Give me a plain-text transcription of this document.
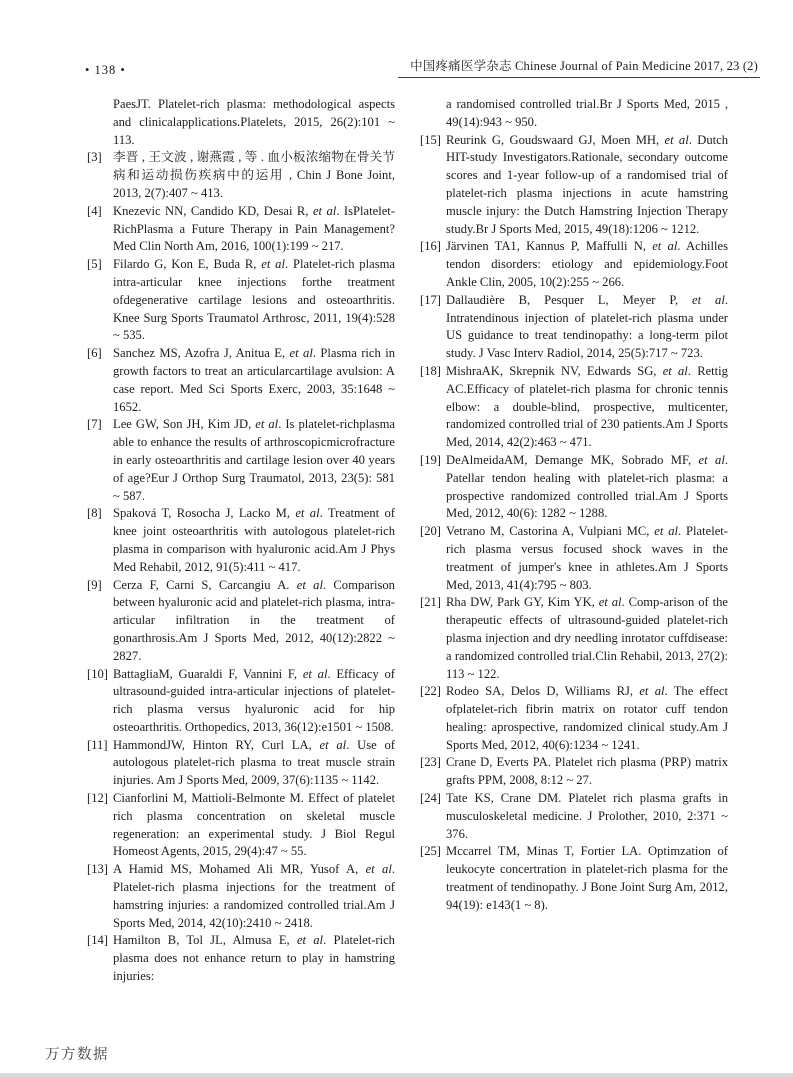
• 138 •	中国疼痛医学杂志 Chinese Journal of Pain Medicine 2017, 23 (2)
PaesJT. Platelet-rich plasma: methodological aspects and clinicalapplications.Platelets, 2015, 26(2):101 ~ 113.
[3] 李晋 , 王文波 , 谢燕霞 , 等 . 血小板浓缩物在骨关节病和运动损伤疾病中的运用 , Chin J Bone Joint, 2013, 2(7):407 ~ 413.
[4] Knezevic NN, Candido KD, Desai R, et al. IsPlatelet-RichPlasma a Future Therapy in Pain Management? Med Clin North Am, 2016, 100(1):199 ~ 217.
[5] Filardo G, Kon E, Buda R, et al. Platelet-rich plasma intra-articular knee injections forthe treatment ofdegenerative cartilage lesions and osteoarthritis. Knee Surg Sports Traumatol Arthrosc, 2011, 19(4):528 ~ 535.
[6] Sanchez MS, Azofra J, Anitua E, et al. Plasma rich in growth factors to treat an articularcartilage avulsion: A case report. Med Sci Sports Exerc, 2003, 35:1648 ~ 1652.
[7] Lee GW, Son JH, Kim JD, et al. Is platelet-richplasma able to enhance the results of arthroscopicmicrofracture in early osteoarthritis and cartilage lesion over 40 years of age?Eur J Orthop Surg Traumatol, 2013, 23(5): 581 ~ 587.
[8] Spaková T, Rosocha J, Lacko M, et al. Treatment of knee joint osteoarthritis with autologous platelet-rich plasma in comparison with hyaluronic acid.Am J Phys Med Rehabil, 2012, 91(5):411 ~ 417.
[9] Cerza F, Carni S, Carcangiu A. et al. Comparison between hyaluronic acid and platelet-rich plasma, intra-articular infiltration in the treatment of gonarthrosis.Am J Sports Med, 2012, 40(12):2822 ~ 2827.
[10] BattagliaM, Guaraldi F, Vannini F, et al. Efficacy of ultrasound-guided intra-articular injections of platelet-rich plasma versus hyaluronic acid for hip osteoarthritis. Orthopedics, 2013, 36(12):e1501 ~ 1508.
[11] HammondJW, Hinton RY, Curl LA, et al. Use of autologous platelet-rich plasma to treat muscle strain injuries. Am J Sports Med, 2009, 37(6):1135 ~ 1142.
[12] Cianforlini M, Mattioli-Belmonte M. Effect of platelet rich plasma concentration on skeletal muscle regeneration: an experimental study. J Biol Regul Homeost Agents, 2015, 29(4):47 ~ 55.
[13] A Hamid MS, Mohamed Ali MR, Yusof A, et al. Platelet-rich plasma injections for the treatment of hamstring injuries: a randomized controlled trial.Am J Sports Med, 2014, 42(10):2410 ~ 2418.
[14] Hamilton B, Tol JL, Almusa E, et al. Platelet-rich plasma does not enhance return to play in hamstring injuries:
a randomised controlled trial.Br J Sports Med, 2015 , 49(14):943 ~ 950.
[15] Reurink G, Goudswaard GJ, Moen MH, et al. Dutch HIT-study Investigators.Rationale, secondary outcome scores and 1-year follow-up of a randomised trial of platelet-rich plasma injections in acute hamstring muscle injury: the Dutch Hamstring Injection Therapy study.Br J Sports Med, 2015, 49(18):1206 ~ 1212.
[16] Järvinen TA1, Kannus P, Maffulli N, et al. Achilles tendon disorders: etiology and epidemiology.Foot Ankle Clin, 2005, 10(2):255 ~ 266.
[17] Dallaudière B, Pesquer L, Meyer P, et al. Intratendinous injection of platelet-rich plasma under US guidance to treat tendinopathy: a long-term pilot study. J Vasc Interv Radiol, 2014, 25(5):717 ~ 723.
[18] MishraAK, Skrepnik NV, Edwards SG, et al. Rettig AC.Efficacy of platelet-rich plasma for chronic tennis elbow: a double-blind, prospective, multicenter, randomized controlled trial of 230 patients.Am J Sports Med, 2014, 42(2):463 ~ 471.
[19] DeAlmeidaAM, Demange MK, Sobrado MF, et al. Patellar tendon healing with platelet-rich plasma: a prospective randomized controlled trial.Am J Sports Med, 2012, 40(6): 1282 ~ 1288.
[20] Vetrano M, Castorina A, Vulpiani MC, et al. Platelet-rich plasma versus focused shock waves in the treatment of jumper's knee in athletes.Am J Sports Med, 2013, 41(4):795 ~ 803.
[21] Rha DW, Park GY, Kim YK, et al. Comp-arison of the therapeutic effects of ultrasound-guided platelet-rich plasma injection and dry needling inrotator cuffdisease: a randomized controlled trial.Clin Rehabil, 2013, 27(2): 113 ~ 122.
[22] Rodeo SA, Delos D, Williams RJ, et al. The effect ofplatelet-rich fibrin matrix on rotator cuff tendon healing: aprospective, randomized clinical study.Am J Sports Med, 2012, 40(6):1234 ~ 1241.
[23] Crane D, Everts PA. Platelet rich plasma (PRP) matrix grafts PPM, 2008, 8:12 ~ 27.
[24] Tate KS, Crane DM. Platelet rich plasma grafts in musculoskeletal medicine. J Prolother, 2010, 2:371 ~ 376.
[25] Mccarrel TM, Minas T, Fortier LA. Optimzation of leukocyte concertration in platelet-rich plasma for the treatment of tendinopathy. J Bone Joint Surg Am, 2012, 94(19): e143(1 ~ 8).
万方数据
